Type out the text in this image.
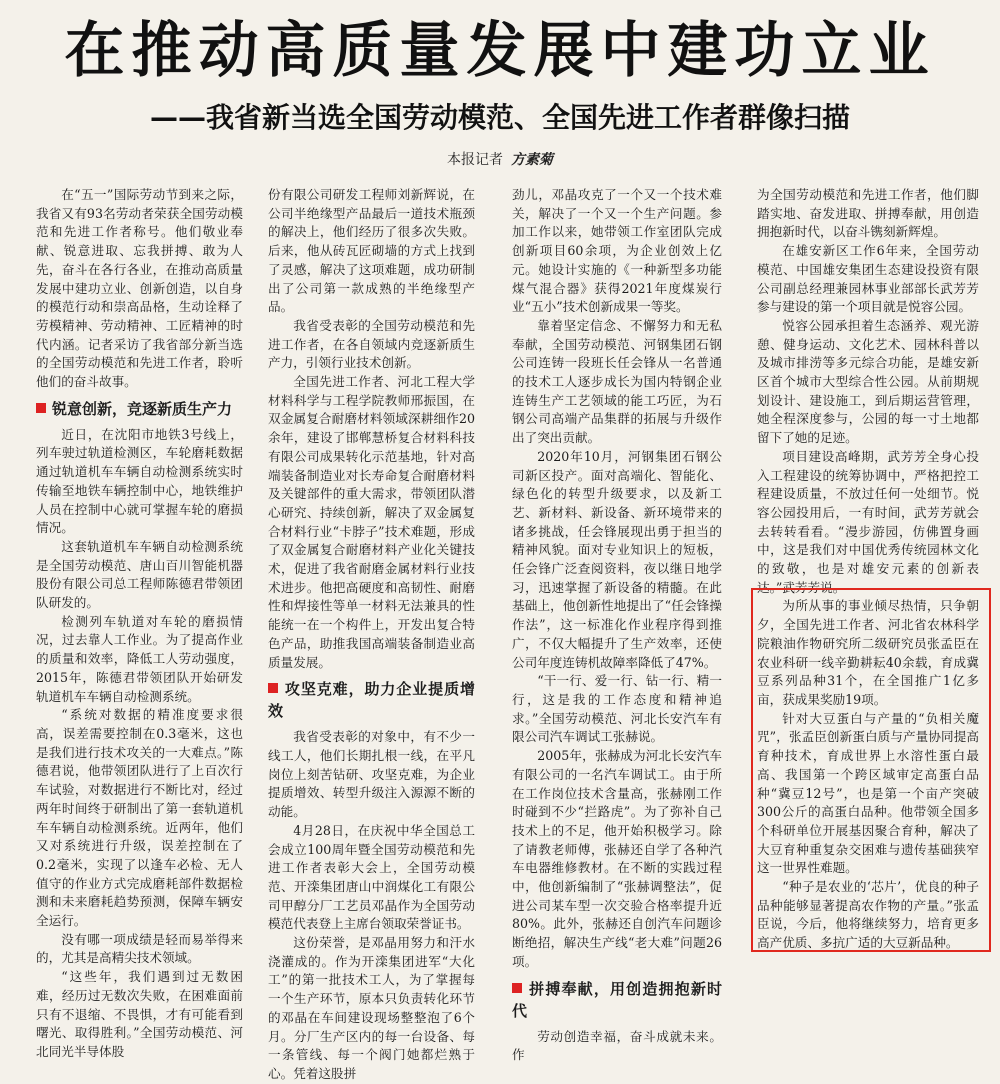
在推动高质量发展中建功立业
——我省新当选全国劳动模范、全国先进工作者群像扫描
本报记者 方素菊

在“五一”国际劳动节到来之际，我省又有93名劳动者荣获全国劳动模范和先进工作者称号。他们敬业奉献、锐意进取、忘我拼搏、敢为人先，奋斗在各行各业，在推动高质量发展中建功立业、创新创造，以自身的模范行动和崇高品格，生动诠释了劳模精神、劳动精神、工匠精神的时代内涵。记者采访了我省部分新当选的全国劳动模范和先进工作者，聆听他们的奋斗故事。

锐意创新，竞逐新质生产力

近日，在沈阳市地铁3号线上，列车驶过轨道检测区，车轮磨耗数据通过轨道机车车辆自动检测系统实时传输至地铁车辆控制中心，地铁维护人员在控制中心就可掌握车轮的磨损情况。

这套轨道机车车辆自动检测系统是全国劳动模范、唐山百川智能机器股份有限公司总工程师陈德君带领团队研发的。

检测列车轨道对车轮的磨损情况，过去靠人工作业。为了提高作业的质量和效率，降低工人劳动强度，2015年，陈德君带领团队开始研发轨道机车车辆自动检测系统。

“系统对数据的精准度要求很高，误差需要控制在0.3毫米，这也是我们进行技术攻关的一大难点。”陈德君说，他带领团队进行了上百次行车试验，对数据进行不断比对，经过两年时间终于研制出了第一套轨道机车车辆自动检测系统。近两年，他们又对系统进行升级，误差控制在了0.2毫米，实现了以逢车必检、无人值守的作业方式完成磨耗部件数据检测和未来磨耗趋势预测，保障车辆安全运行。

没有哪一项成绩是轻而易举得来的，尤其是高精尖技术领域。

“这些年，我们遇到过无数困难，经历过无数次失败，在困难面前只有不退缩、不畏惧，才有可能看到曙光、取得胜利。”全国劳动模范、河北同光半导体股

份有限公司研发工程师刘新辉说，在公司半绝缘型产品最后一道技术瓶颈的解决上，他们经历了很多次失败。后来，他从砖瓦匠砌墙的方式上找到了灵感，解决了这项难题，成功研制出了公司第一款成熟的半绝缘型产品。

我省受表彰的全国劳动模范和先进工作者，在各自领域内竞逐新质生产力，引领行业技术创新。

全国先进工作者、河北工程大学材料科学与工程学院教师邢振国，在双金属复合耐磨材料领域深耕细作20余年，建设了邯郸慧桥复合材料科技有限公司成果转化示范基地，针对高端装备制造业对长寿命复合耐磨材料及关键部件的重大需求，带领团队潜心研究、持续创新，解决了双金属复合材料行业“卡脖子”技术难题，形成了双金属复合耐磨材料产业化关键技术，促进了我省耐磨金属材料行业技术进步。他把高硬度和高韧性、耐磨性和焊接性等单一材料无法兼具的性能统一在一个构件上，开发出复合特色产品，助推我国高端装备制造业高质量发展。

攻坚克难，助力企业提质增效

我省受表彰的对象中，有不少一线工人，他们长期扎根一线，在平凡岗位上刻苦钻研、攻坚克难，为企业提质增效、转型升级注入源源不断的动能。

4月28日，在庆祝中华全国总工会成立100周年暨全国劳动模范和先进工作者表彰大会上，全国劳动模范、开滦集团唐山中润煤化工有限公司甲醇分厂工艺员邓晶作为全国劳动模范代表登上主席台领取荣誉证书。

这份荣誉，是邓晶用努力和汗水浇灌成的。作为开滦集团进军“大化工”的第一批技术工人，为了掌握每一个生产环节，原本只负责转化环节的邓晶在车间建设现场整整泡了6个月。分厂生产区内的每一台设备、每一条管线、每一个阀门她都烂熟于心。凭着这股拼

劲儿，邓晶攻克了一个又一个技术难关，解决了一个又一个生产问题。参加工作以来，她带领工作室团队完成创新项目60余项，为企业创效上亿元。她设计实施的《一种新型多功能煤气混合器》获得2021年度煤炭行业“五小”技术创新成果一等奖。

靠着坚定信念、不懈努力和无私奉献，全国劳动模范、河钢集团石钢公司连铸一段班长任会锋从一名普通的技术工人逐步成长为国内特钢企业连铸生产工艺领域的能工巧匠，为石钢公司高端产品集群的拓展与升级作出了突出贡献。

2020年10月，河钢集团石钢公司新区投产。面对高端化、智能化、绿色化的转型升级要求，以及新工艺、新材料、新设备、新环境带来的诸多挑战，任会锋展现出勇于担当的精神风貌。面对专业知识上的短板，任会锋广泛查阅资料，夜以继日地学习，迅速掌握了新设备的精髓。在此基础上，他创新性地提出了“任会锋操作法”，这一标准化作业程序得到推广，不仅大幅提升了生产效率，还使公司年度连铸机故障率降低了47%。

“干一行、爱一行、钻一行、精一行，这是我的工作态度和精神追求。”全国劳动模范、河北长安汽车有限公司汽车调试工张赫说。

2005年，张赫成为河北长安汽车有限公司的一名汽车调试工。由于所在工作岗位技术含量高，张赫刚工作时碰到不少“拦路虎”。为了弥补自己技术上的不足，他开始积极学习。除了请教老师傅，张赫还自学了各种汽车电器维修教材。在不断的实践过程中，他创新编制了“张赫调整法”，促进公司某车型一次交验合格率提升近80%。此外，张赫还自创汽车问题诊断绝招，解决生产线“老大难”问题26项。

拼搏奉献，用创造拥抱新时代

劳动创造幸福，奋斗成就未来。作

为全国劳动模范和先进工作者，他们脚踏实地、奋发进取、拼搏奉献，用创造拥抱新时代，以奋斗镌刻新辉煌。

在雄安新区工作6年来，全国劳动模范、中国雄安集团生态建设投资有限公司副总经理兼园林事业部部长武芳芳参与建设的第一个项目就是悦容公园。

悦容公园承担着生态涵养、观光游憩、健身运动、文化艺术、园林科普以及城市排涝等多元综合功能，是雄安新区首个城市大型综合性公园。从前期规划设计、建设施工，到后期运营管理，她全程深度参与，公园的每一寸土地都留下了她的足迹。

项目建设高峰期，武芳芳全身心投入工程建设的统筹协调中，严格把控工程建设质量，不放过任何一处细节。悦容公园投用后，一有时间，武芳芳就会去转转看看。“漫步游园，仿佛置身画中，这是我们对中国优秀传统园林文化的致敬，也是对雄安元素的创新表达。”武芳芳说。

为所从事的事业倾尽热情，只争朝夕，全国先进工作者、河北省农林科学院粮油作物研究所二级研究员张孟臣在农业科研一线辛勤耕耘40余载，育成冀豆系列品种31个，在全国推广1亿多亩，获成果奖励19项。

针对大豆蛋白与产量的“负相关魔咒”，张孟臣创新蛋白质与产量协同提高育种技术，育成世界上水溶性蛋白最高、我国第一个跨区域审定高蛋白品种“冀豆12号”，也是第一个亩产突破300公斤的高蛋白品种。他带领全国多个科研单位开展基因聚合育种，解决了大豆育种重复杂交困难与遗传基础狭窄这一世界性难题。

“种子是农业的‘芯片’，优良的种子品种能够显著提高农作物的产量。”张孟臣说，今后，他将继续努力，培育更多高产优质、多抗广适的大豆新品种。
